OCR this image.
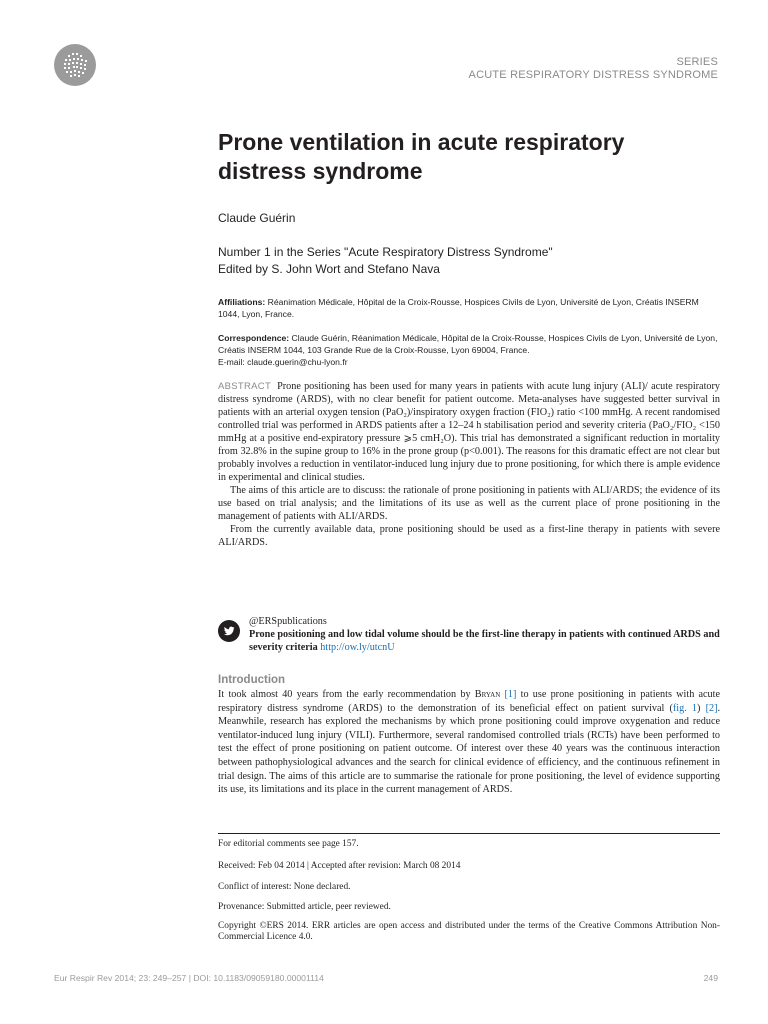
SERIES
ACUTE RESPIRATORY DISTRESS SYNDROME
Prone ventilation in acute respiratory distress syndrome
Claude Guérin
Number 1 in the Series "Acute Respiratory Distress Syndrome"
Edited by S. John Wort and Stefano Nava
Affiliations: Réanimation Médicale, Hôpital de la Croix-Rousse, Hospices Civils de Lyon, Université de Lyon, Créatis INSERM 1044, Lyon, France.
Correspondence: Claude Guérin, Réanimation Médicale, Hôpital de la Croix-Rousse, Hospices Civils de Lyon, Université de Lyon, Créatis INSERM 1044, 103 Grande Rue de la Croix-Rousse, Lyon 69004, France.
E-mail: claude.guerin@chu-lyon.fr

ABSTRACT Prone positioning has been used for many years in patients with acute lung injury (ALI)/ acute respiratory distress syndrome (ARDS), with no clear benefit for patient outcome. Meta-analyses have suggested better survival in patients with an arterial oxygen tension (PaO₂)/inspiratory oxygen fraction (FIO₂) ratio <100 mmHg. A recent randomised controlled trial was performed in ARDS patients after a 12–24 h stabilisation period and severity criteria (PaO₂/FIO₂ <150 mmHg at a positive end-expiratory pressure ⩾5 cmH₂O). This trial has demonstrated a significant reduction in mortality from 32.8% in the supine group to 16% in the prone group (p<0.001). The reasons for this dramatic effect are not clear but probably involves a reduction in ventilator-induced lung injury due to prone positioning, for which there is ample evidence in experimental and clinical studies.

The aims of this article are to discuss: the rationale of prone positioning in patients with ALI/ARDS; the evidence of its use based on trial analysis; and the limitations of its use as well as the current place of prone positioning in the management of patients with ALI/ARDS.

From the currently available data, prone positioning should be used as a first-line therapy in patients with severe ALI/ARDS.

@ERSpublications
Prone positioning and low tidal volume should be the first-line therapy in patients with continued ARDS and severity criteria http://ow.ly/utcnU
Introduction
It took almost 40 years from the early recommendation by Bryan [1] to use prone positioning in patients with acute respiratory distress syndrome (ARDS) to the demonstration of its beneficial effect on patient survival (fig. 1) [2]. Meanwhile, research has explored the mechanisms by which prone positioning could improve oxygenation and reduce ventilator-induced lung injury (VILI). Furthermore, several randomised controlled trials (RCTs) have been performed to test the effect of prone positioning on patient outcome. Of interest over these 40 years was the continuous interaction between pathophysiological advances and the search for clinical evidence of efficiency, and the continuous refinement in trial design. The aims of this article are to summarise the rationale for prone positioning, the level of evidence supporting its use, its limitations and its place in the current management of ARDS.
For editorial comments see page 157.
Received: Feb 04 2014 | Accepted after revision: March 08 2014
Conflict of interest: None declared.
Provenance: Submitted article, peer reviewed.
Copyright ©ERS 2014. ERR articles are open access and distributed under the terms of the Creative Commons Attribution Non-Commercial Licence 4.0.
Eur Respir Rev 2014; 23: 249–257 | DOI: 10.1183/09059180.00001114	249
